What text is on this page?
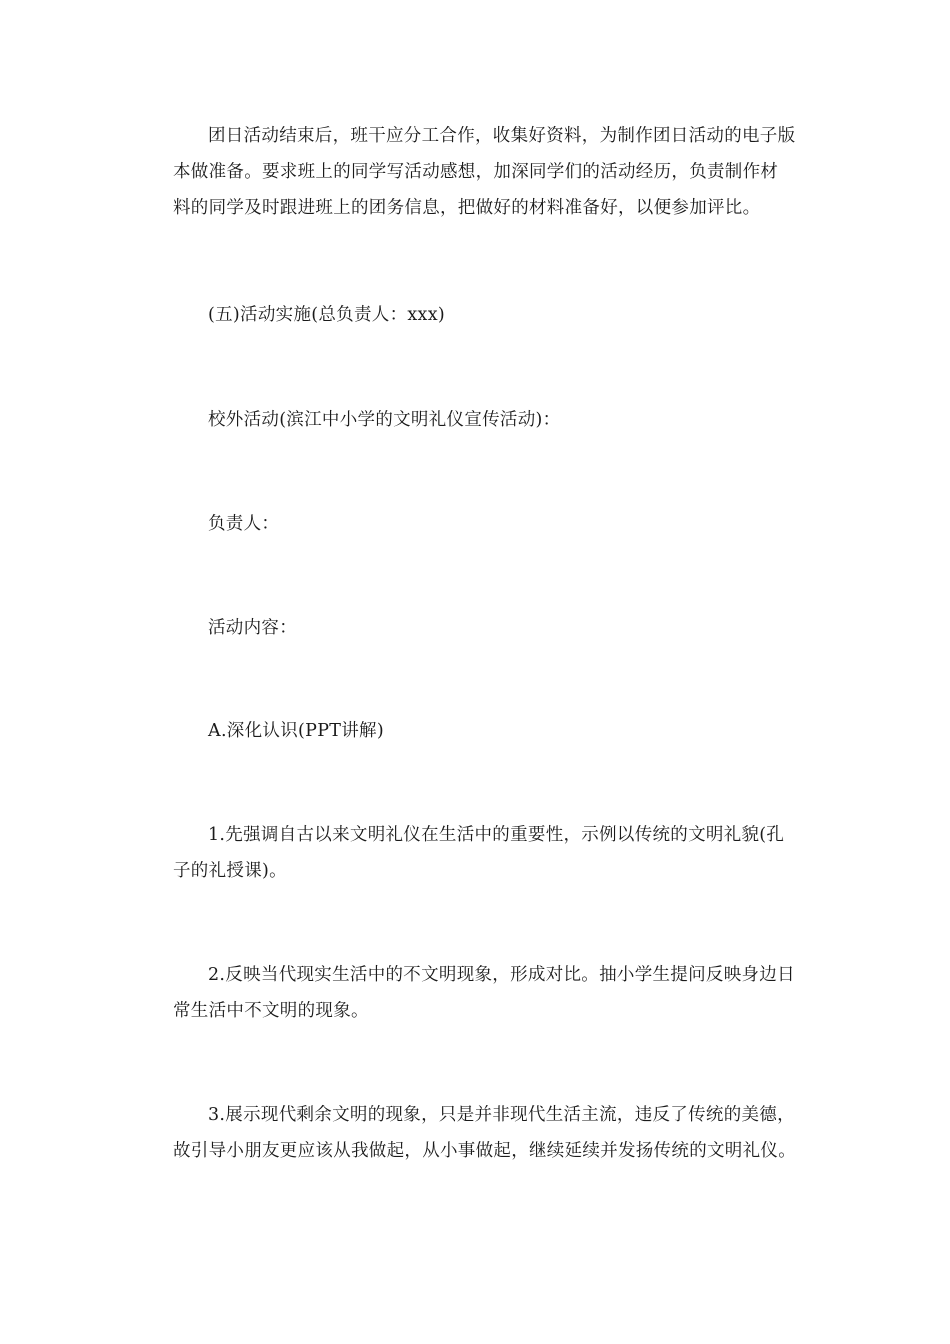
团日活动结束后，班干应分工合作，收集好资料，为制作团日活动的电子版
本做准备。要求班上的同学写活动感想，加深同学们的活动经历，负责制作材
料的同学及时跟进班上的团务信息，把做好的材料准备好，以便参加评比。
(五)活动实施(总负责人：xxx)
校外活动(滨江中小学的文明礼仪宣传活动)：
负责人：
活动内容：
A.深化认识(PPT讲解)
1.先强调自古以来文明礼仪在生活中的重要性，示例以传统的文明礼貌(孔
子的礼授课)。
2.反映当代现实生活中的不文明现象，形成对比。抽小学生提问反映身边日
常生活中不文明的现象。
3.展示现代剩余文明的现象，只是并非现代生活主流，违反了传统的美德，
故引导小朋友更应该从我做起，从小事做起，继续延续并发扬传统的文明礼仪。
